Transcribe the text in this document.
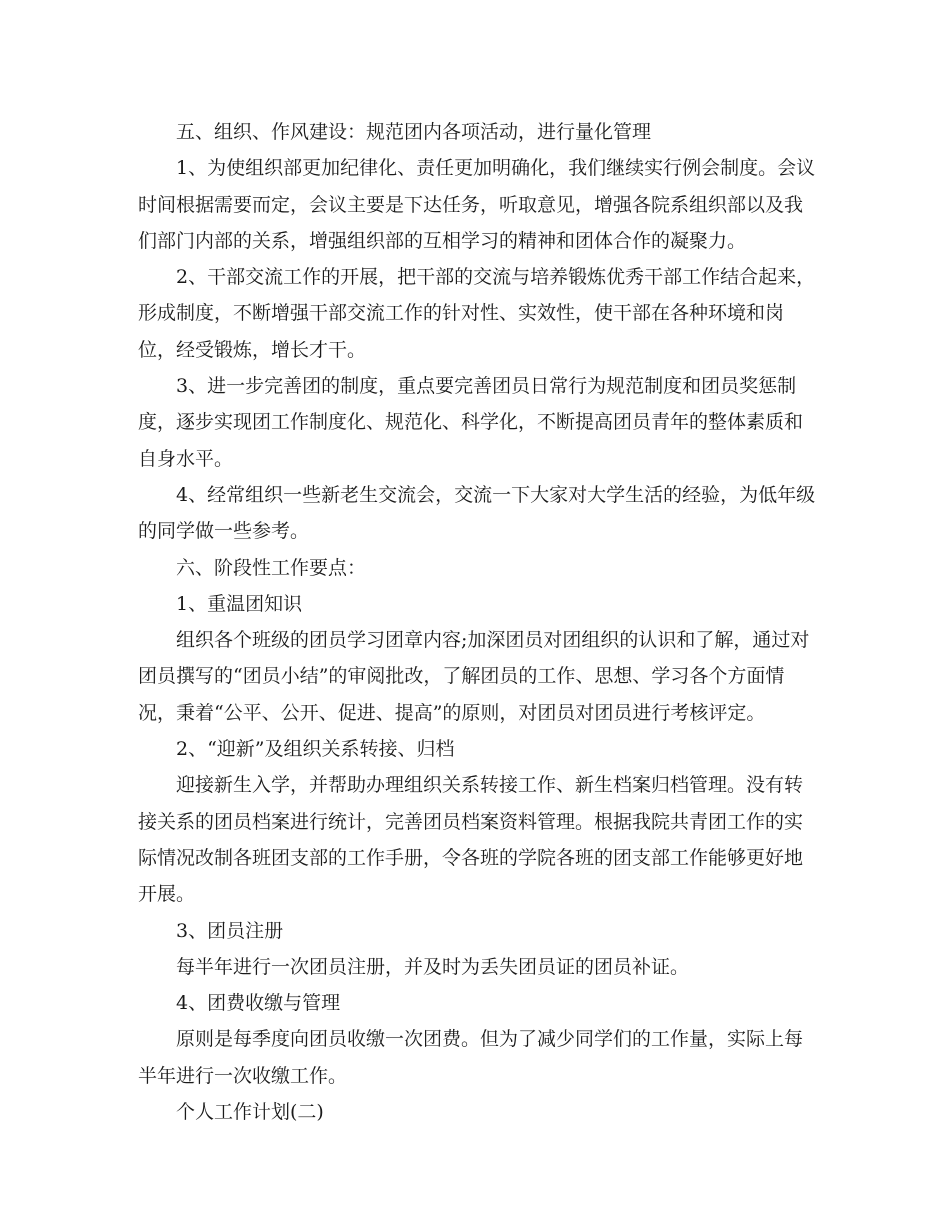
五、组织、作风建设：规范团内各项活动，进行量化管理

1、为使组织部更加纪律化、责任更加明确化，我们继续实行例会制度。会议时间根据需要而定，会议主要是下达任务，听取意见，增强各院系组织部以及我们部门内部的关系，增强组织部的互相学习的精神和团体合作的凝聚力。

2、干部交流工作的开展，把干部的交流与培养锻炼优秀干部工作结合起来，形成制度，不断增强干部交流工作的针对性、实效性，使干部在各种环境和岗位，经受锻炼，增长才干。

3、进一步完善团的制度，重点要完善团员日常行为规范制度和团员奖惩制度，逐步实现团工作制度化、规范化、科学化，不断提高团员青年的整体素质和自身水平。

4、经常组织一些新老生交流会，交流一下大家对大学生活的经验，为低年级的同学做一些参考。

六、阶段性工作要点：

1、重温团知识

组织各个班级的团员学习团章内容;加深团员对团组织的认识和了解，通过对团员撰写的“团员小结”的审阅批改，了解团员的工作、思想、学习各个方面情况，秉着“公平、公开、促进、提高”的原则，对团员对团员进行考核评定。

2、“迎新”及组织关系转接、归档

迎接新生入学，并帮助办理组织关系转接工作、新生档案归档管理。没有转接关系的团员档案进行统计，完善团员档案资料管理。根据我院共青团工作的实际情况改制各班团支部的工作手册，令各班的学院各班的团支部工作能够更好地开展。

3、团员注册

每半年进行一次团员注册，并及时为丢失团员证的团员补证。

4、团费收缴与管理

原则是每季度向团员收缴一次团费。但为了减少同学们的工作量，实际上每半年进行一次收缴工作。

个人工作计划(二)
